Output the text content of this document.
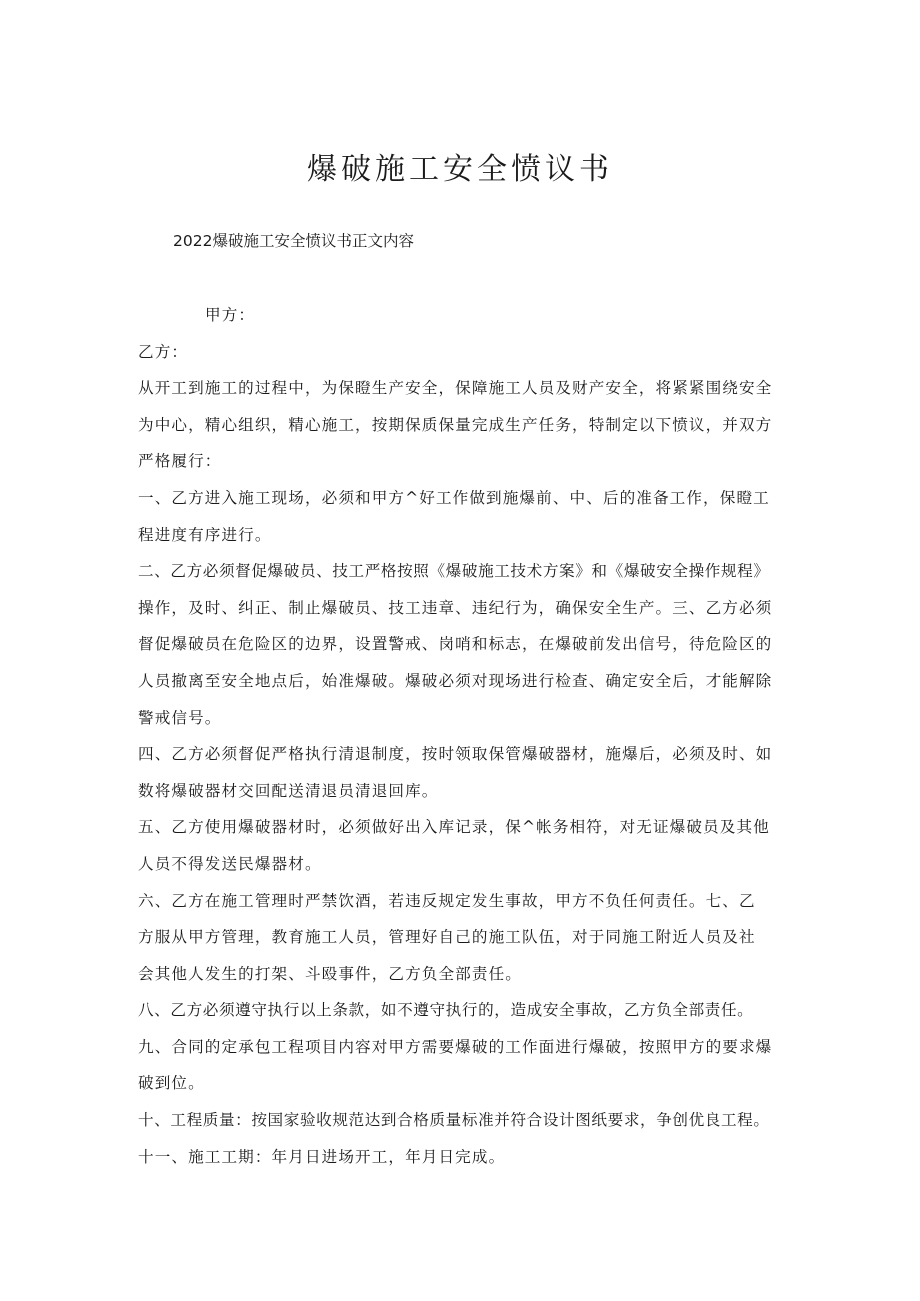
爆破施工安全愤议书

2022爆破施工安全愤议书正文内容

甲方：
乙方：
从开工到施工的过程中，为保瞪生产安全，保障施工人员及财产安全，将紧紧围绕安全
为中心，精心组织，精心施工，按期保质保量完成生产任务，特制定以下愤议，并双方
严格履行：
一、乙方进入施工现场，必须和甲方^好工作做到施爆前、中、后的准备工作，保瞪工
程进度有序进行。
二、乙方必须督促爆破员、技工严格按照《爆破施工技术方案》和《爆破安全操作规程》
操作，及时、纠正、制止爆破员、技工违章、违纪行为，确保安全生产。三、乙方必须
督促爆破员在危险区的边界，设置警戒、岗哨和标志，在爆破前发出信号，待危险区的
人员撤离至安全地点后，始准爆破。爆破必须对现场进行检查、确定安全后，才能解除
警戒信号。
四、乙方必须督促严格执行清退制度，按时领取保管爆破器材，施爆后，必须及时、如
数将爆破器材交回配送清退员清退回库。
五、乙方使用爆破器材时，必须做好出入库记录，保^帐务相符，对无证爆破员及其他
人员不得发送民爆器材。
六、乙方在施工管理时严禁饮酒，若违反规定发生事故，甲方不负任何责任。七、乙
方服从甲方管理，教育施工人员，管理好自己的施工队伍，对于同施工附近人员及社
会其他人发生的打架、斗殴事件，乙方负全部责任。
八、乙方必须遵守执行以上条款，如不遵守执行的，造成安全事故，乙方负全部责任。
九、合同的定承包工程项目内容对甲方需要爆破的工作面进行爆破，按照甲方的要求爆
破到位。
十、工程质量：按国家验收规范达到合格质量标准并符合设计图纸要求，争创优良工程。
十一、施工工期：年月日进场开工，年月日完成。
